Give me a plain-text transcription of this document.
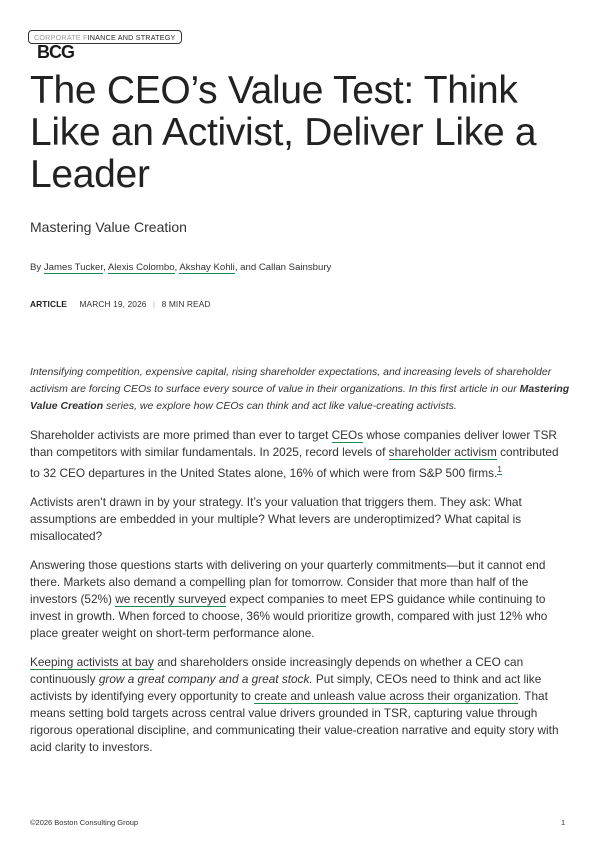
CORPORATE FINANCE AND STRATEGY
BCG
The CEO’s Value Test: Think Like an Activist, Deliver Like a Leader
Mastering Value Creation
By James Tucker, Alexis Colombo, Akshay Kohli, and Callan Sainsbury
ARTICLE MARCH 19, 2026 | 8 MIN READ

Intensifying competition, expensive capital, rising shareholder expectations, and increasing levels of shareholder activism are forcing CEOs to surface every source of value in their organizations. In this first article in our Mastering Value Creation series, we explore how CEOs can think and act like value-creating activists.

Shareholder activists are more primed than ever to target CEOs whose companies deliver lower TSR than competitors with similar fundamentals. In 2025, record levels of shareholder activism contributed to 32 CEO departures in the United States alone, 16% of which were from S&P 500 firms.$^1$

Activists aren’t drawn in by your strategy. It’s your valuation that triggers them. They ask: What assumptions are embedded in your multiple? What levers are underoptimized? What capital is misallocated?

Answering those questions starts with delivering on your quarterly commitments—but it cannot end there. Markets also demand a compelling plan for tomorrow. Consider that more than half of the investors (52%) we recently surveyed expect companies to meet EPS guidance while continuing to invest in growth. When forced to choose, 36% would prioritize growth, compared with just 12% who place greater weight on short-term performance alone.

Keeping activists at bay and shareholders onside increasingly depends on whether a CEO can continuously grow a great company and a great stock. Put simply, CEOs need to think and act like activists by identifying every opportunity to create and unleash value across their organization. That means setting bold targets across central value drivers grounded in TSR, capturing value through rigorous operational discipline, and communicating their value-creation narrative and equity story with acid clarity to investors.

©2026 Boston Consulting Group	1
